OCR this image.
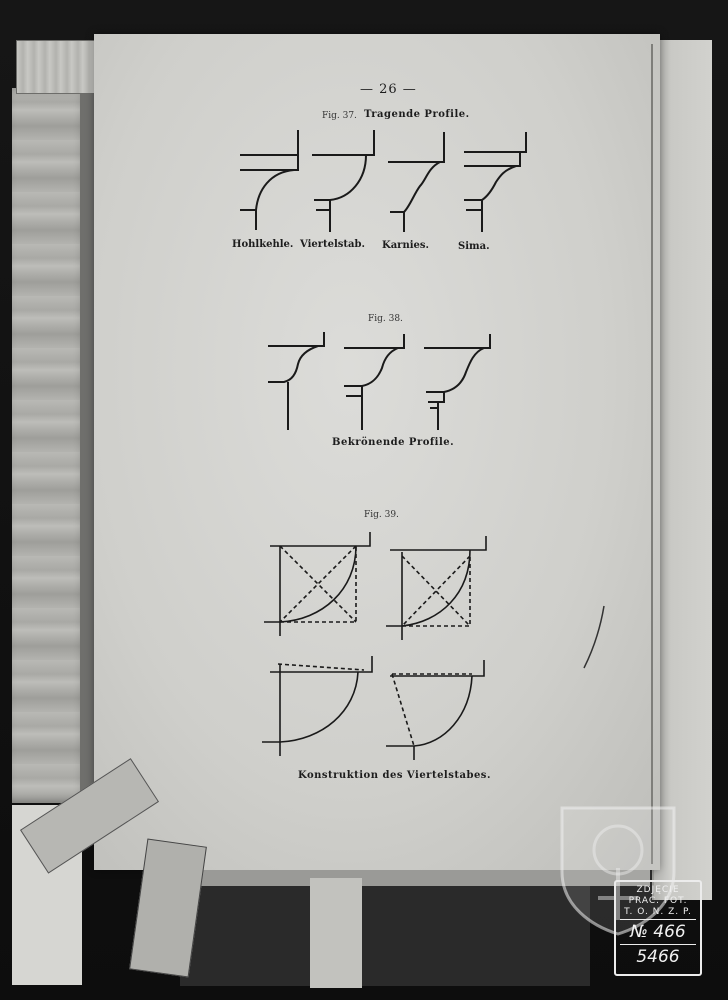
— 26 —
Fig. 37. Tragende Profile.
Hohlkehle. Viertelstab. Karnies.	Sima.
Fig. 38.
Bekrönende Profile.
Fig. 39.
Konstruktion des Viertelstabes.
ZDJĘCIE
PRAC. FOT.
T. O. N. Z. P.
№ 466
5466
